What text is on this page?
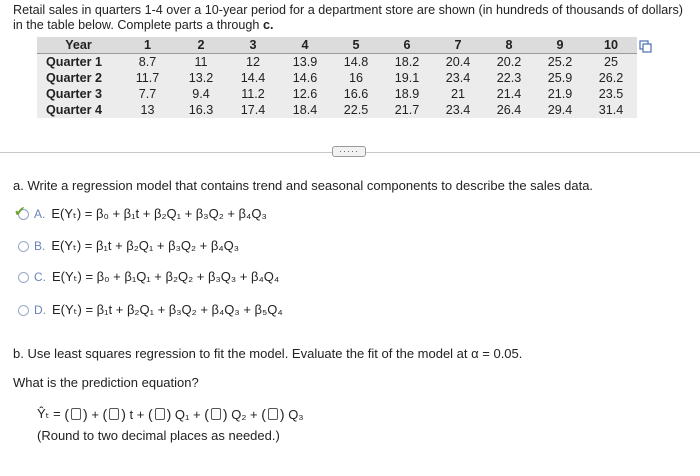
Retail sales in quarters 1-4 over a 10-year period for a department store are shown (in hundreds of thousands of dollars)
in the table below. Complete parts a through c.
Year	1	2	3	4	5	6	7	8	9	10
Quarter 1	8.7	11	12	13.9	14.8	18.2	20.4	20.2	25.2	25
Quarter 2	11.7	13.2	14.4	14.6	16	19.1	23.4	22.3	25.9	26.2
Quarter 3	7.7	9.4	11.2	12.6	16.6	18.9	21	21.4	21.9	23.5
Quarter 4	13	16.3	17.4	18.4	22.5	21.7	23.4	26.4	29.4	31.4
·····
a. Write a regression model that contains trend and seasonal components to describe the sales data.
✔ A. E(Yₜ) = β₀ + β₁t + β₂Q₁ + β₃Q₂ + β₄Q₃
B. E(Yₜ) = β₁t + β₂Q₁ + β₃Q₂ + β₄Q₃
C. E(Yₜ) = β₀ + β₁Q₁ + β₂Q₂ + β₃Q₃ + β₄Q₄
D. E(Yₜ) = β₁t + β₂Q₁ + β₃Q₂ + β₄Q₃ + β₅Q₄
b. Use least squares regression to fit the model. Evaluate the fit of the model at α = 0.05.
What is the prediction equation?
Ŷₜ =
( )
+
( )
t +
( )
Q₁ +
( )
Q₂ +
( )
Q₃
(Round to two decimal places as needed.)
